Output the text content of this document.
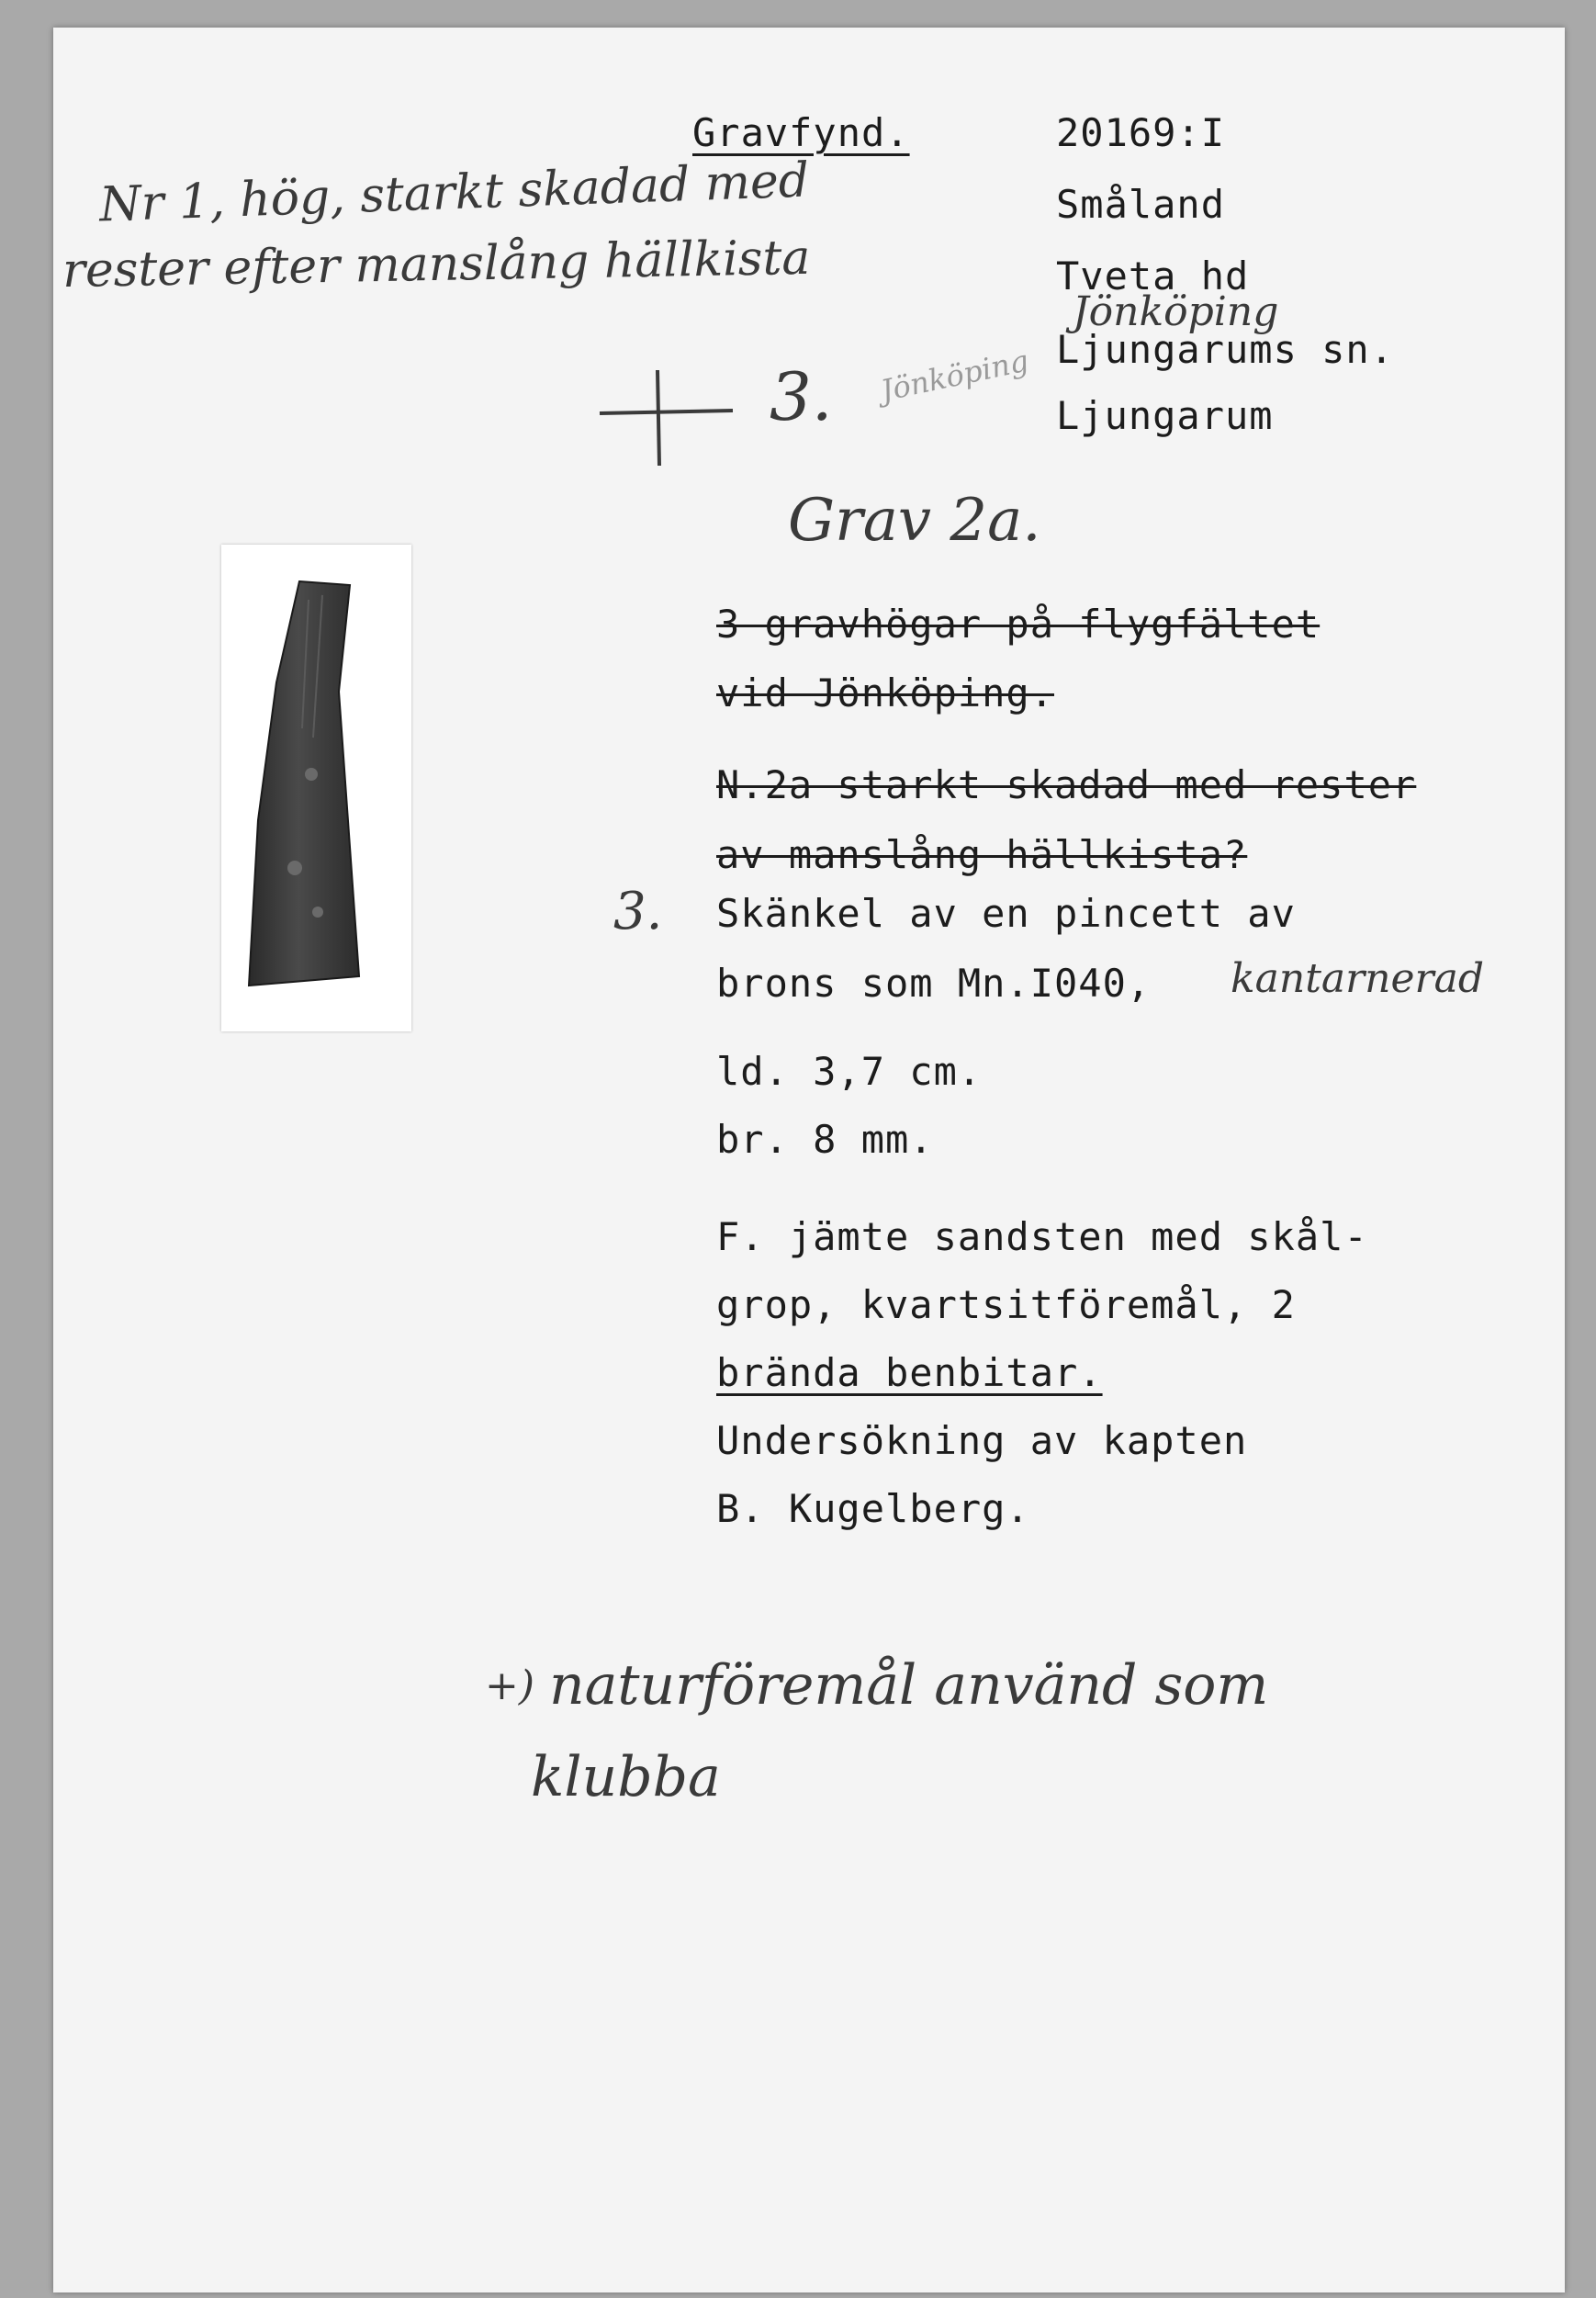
Nr 1, hög, starkt skadad med
rester efter manslång hällkista
Gravfynd.	20169:I
Småland
Tveta hd
Jönköping
Ljungarums sn.
Ljungarum
3. Jönköping
Grav 2a.
3 gravhögar på flygfältet
vid Jönköping.
N.2a starkt skadad med rester
av manslång hällkista?
3. Skänkel av en pincett av
brons som Mn.I040, kantarnerad
ld. 3,7 cm.
br. 8 mm.
F. jämte sandsten med skål-
grop, kvartsitföremål, 2
brända benbitar.
Undersökning av kapten
B. Kugelberg.
+) naturföremål använd som
klubba
